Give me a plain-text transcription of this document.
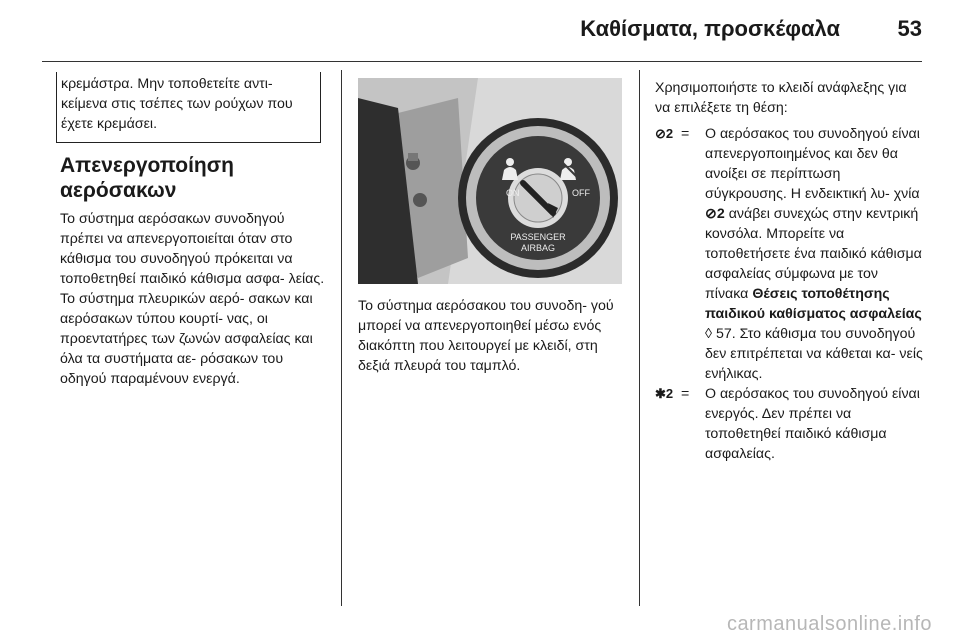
Καθίσματα, προσκέφαλα	53

κρεμάστρα. Μην τοποθετείτε αντι- κείμενα στις τσέπες των ρούχων που έχετε κρεμάσει.

Απενεργοποίηση αερόσακων

Το σύστημα αερόσακων συνοδηγού πρέπει να απενεργοποιείται όταν στο κάθισμα του συνοδηγού πρόκειται να τοποθετηθεί παιδικό κάθισμα ασφα- λείας. Το σύστημα πλευρικών αερό- σακων και αερόσακων τύπου κουρτί- νας, οι προεντατήρες των ζωνών ασφαλείας και όλα τα συστήματα αε- ρόσακων του οδηγού παραμένουν ενεργά.

ON	OFF
PASSENGER
AIRBAG

Το σύστημα αερόσακου του συνοδη- γού μπορεί να απενεργοποιηθεί μέσω ενός διακόπτη που λειτουργεί με κλειδί, στη δεξιά πλευρά του ταμπλό.

Χρησιμοποιήστε το κλειδί ανάφλεξης για να επιλέξετε τη θέση:

⊘2 =	Ο αερόσακος του συνοδηγού είναι απενεργοποιημένος και δεν θα ανοίξει σε περίπτωση σύγκρουσης. Η ενδεικτική λυ- χνία ⊘2 ανάβει συνεχώς στην κεντρική κονσόλα. Μπορείτε να τοποθετήσετε ένα παιδικό κάθισμα ασφαλείας σύμφωνα με τον πίνακα Θέσεις τοποθέτησης παιδικού καθίσματος ασφαλείας ◊ 57. Στο κάθισμα του συνοδηγού δεν επιτρέπεται να κάθεται κα- νείς ενήλικας.
✱2 =	Ο αερόσακος του συνοδηγού είναι ενεργός. Δεν πρέπει να τοποθετηθεί παιδικό κάθισμα ασφαλείας.
carmanualsonline.info
